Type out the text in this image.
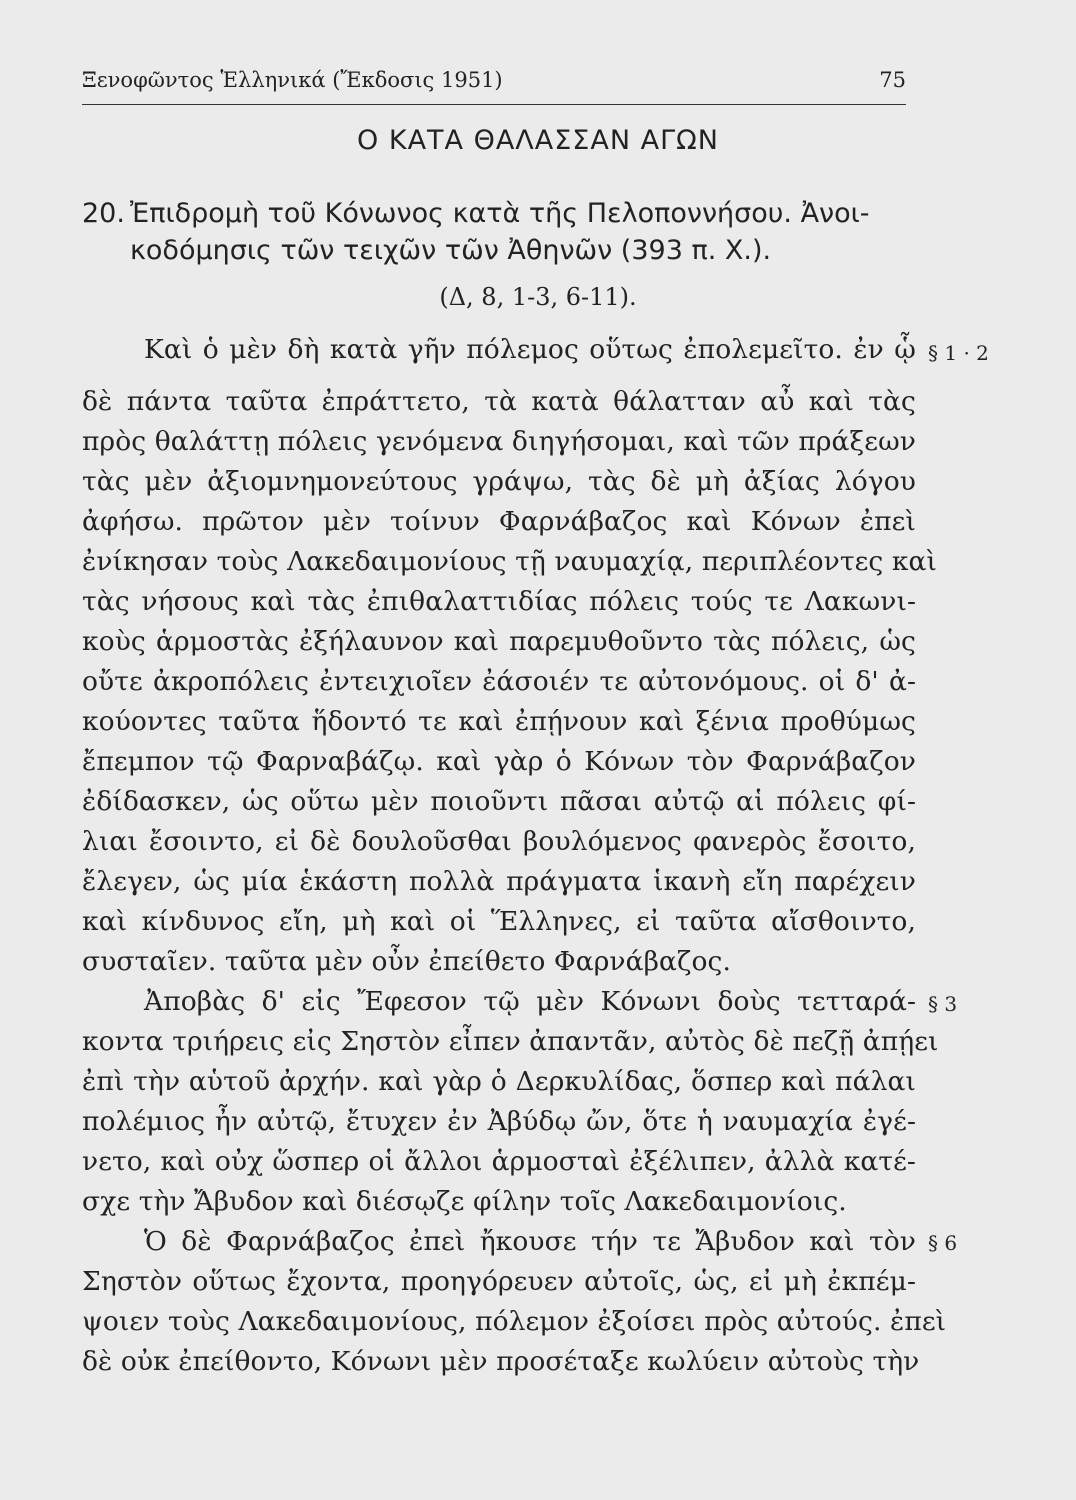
Ξενοφῶντος Ἑλληνικά (Ἔκδοσις 1951)	75
Ο ΚΑΤΑ ΘΑΛΑΣΣΑΝ ΑΓΩΝ
20. Ἐπιδρομὴ τοῦ Κόνωνος κατὰ τῆς Πελοποννήσου. Ἀνοι-
κοδόμησις τῶν τειχῶν τῶν Ἀθηνῶν (393 π. Χ.).
(Δ, 8, 1-3, 6-11).
Καὶ ὁ μὲν δὴ κατὰ γῆν πόλεμος οὕτως ἐπολεμεῖτο. ἐν ᾧ
δὲ πάντα ταῦτα ἐπράττετο, τὰ κατὰ θάλατταν αὖ καὶ τὰς
πρὸς θαλάττῃ πόλεις γενόμενα διηγήσομαι, καὶ τῶν πράξεων
τὰς μὲν ἀξιομνημονεύτους γράψω, τὰς δὲ μὴ ἀξίας λόγου
ἀφήσω. πρῶτον μὲν τοίνυν Φαρνάβαζος καὶ Κόνων ἐπεὶ
ἐνίκησαν τοὺς Λακεδαιμονίους τῇ ναυμαχίᾳ, περιπλέοντες καὶ
τὰς νήσους καὶ τὰς ἐπιθαλαττιδίας πόλεις τούς τε Λακωνι-
κοὺς ἁρμοστὰς ἐξήλαυνον καὶ παρεμυθοῦντο τὰς πόλεις, ὡς
οὔτε ἀκροπόλεις ἐντειχιοῖεν ἐάσοιέν τε αὐτονόμους. οἱ δ' ἀ-
κούοντες ταῦτα ἥδοντό τε καὶ ἐπῄνουν καὶ ξένια προθύμως
ἔπεμπον τῷ Φαρναβάζῳ. καὶ γὰρ ὁ Κόνων τὸν Φαρνάβαζον
ἐδίδασκεν, ὡς οὕτω μὲν ποιοῦντι πᾶσαι αὐτῷ αἱ πόλεις φί-
λιαι ἔσοιντο, εἰ δὲ δουλοῦσθαι βουλόμενος φανερὸς ἔσοιτο,
ἔλεγεν, ὡς μία ἑκάστη πολλὰ πράγματα ἱκανὴ εἴη παρέχειν
καὶ κίνδυνος εἴη, μὴ καὶ οἱ Ἕλληνες, εἰ ταῦτα αἴσθοιντο,
συσταῖεν. ταῦτα μὲν οὖν ἐπείθετο Φαρνάβαζος.
Ἀποβὰς δ' εἰς Ἔφεσον τῷ μὲν Κόνωνι δοὺς τετταρά-
κοντα τριήρεις εἰς Σηστὸν εἶπεν ἀπαντᾶν, αὐτὸς δὲ πεζῇ ἀπῄει
ἐπὶ τὴν αὑτοῦ ἀρχήν. καὶ γὰρ ὁ Δερκυλίδας, ὅσπερ καὶ πάλαι
πολέμιος ἦν αὐτῷ, ἔτυχεν ἐν Ἀβύδῳ ὤν, ὅτε ἡ ναυμαχία ἐγέ-
νετο, καὶ οὐχ ὥσπερ οἱ ἄλλοι ἁρμοσταὶ ἐξέλιπεν, ἀλλὰ κατέ-
σχε τὴν Ἄβυδον καὶ διέσῳζε φίλην τοῖς Λακεδαιμονίοις.
Ὁ δὲ Φαρνάβαζος ἐπεὶ ἤκουσε τήν τε Ἄβυδον καὶ τὸν
Σηστὸν οὕτως ἔχοντα, προηγόρευεν αὐτοῖς, ὡς, εἰ μὴ ἐκπέμ-
ψοιεν τοὺς Λακεδαιμονίους, πόλεμον ἐξοίσει πρὸς αὐτούς. ἐπεὶ
δὲ οὐκ ἐπείθοντο, Κόνωνι μὲν προσέταξε κωλύειν αὐτοὺς τὴν
§ 1 · 2
§ 3
§ 6
